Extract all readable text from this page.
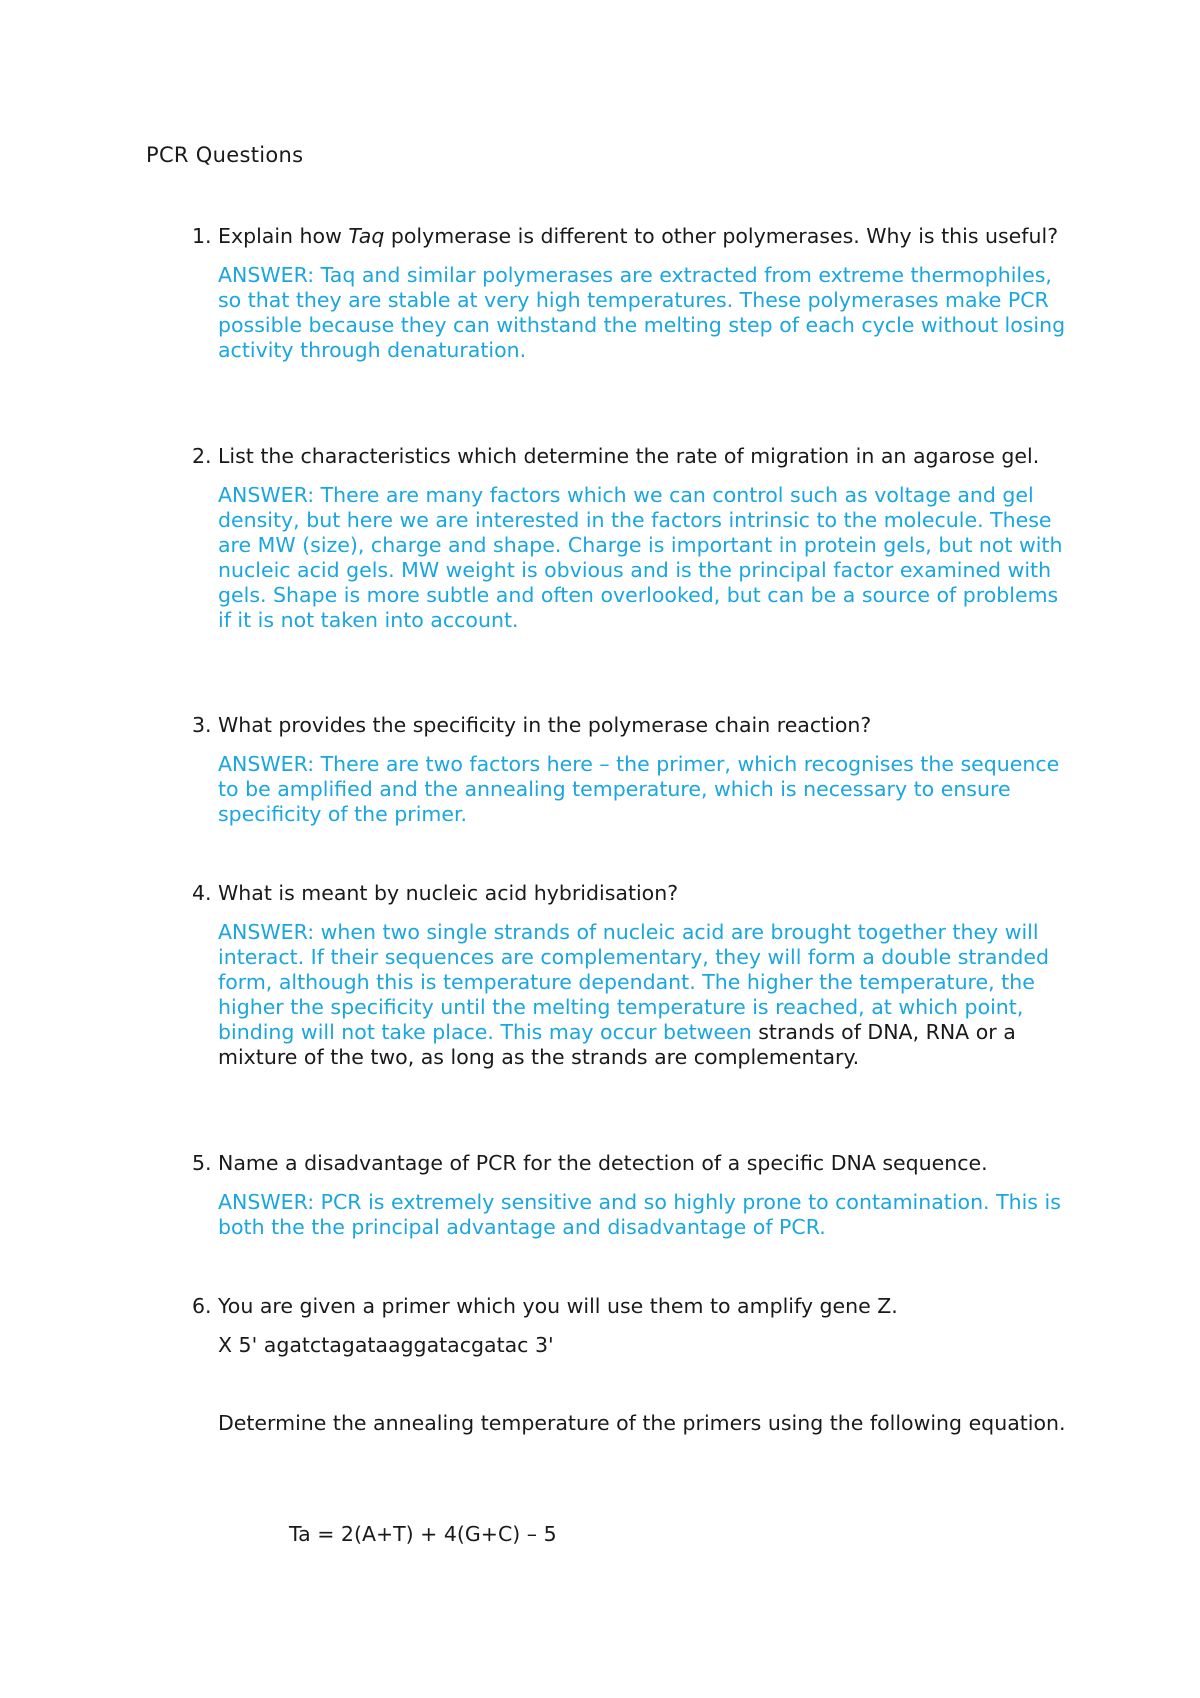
PCR Questions
1. Explain how Taq polymerase is different to other polymerases. Why is this useful?
ANSWER: Taq and similar polymerases are extracted from extreme thermophiles, so that they are stable at very high temperatures. These polymerases make PCR possible because they can withstand the melting step of each cycle without losing activity through denaturation.
2. List the characteristics which determine the rate of migration in an agarose gel.
ANSWER: There are many factors which we can control such as voltage and gel density, but here we are interested in the factors intrinsic to the molecule. These are MW (size), charge and shape. Charge is important in protein gels, but not with nucleic acid gels. MW weight is obvious and is the principal factor examined with gels. Shape is more subtle and often overlooked, but can be a source of problems if it is not taken into account.
3. What provides the specificity in the polymerase chain reaction?
ANSWER: There are two factors here – the primer, which recognises the sequence to be amplified and the annealing temperature, which is necessary to ensure specificity of the primer.
4. What is meant by nucleic acid hybridisation?
ANSWER: when two single strands of nucleic acid are brought together they will interact. If their sequences are complementary, they will form a double stranded form, although this is temperature dependant. The higher the temperature, the higher the specificity until the melting temperature is reached, at which point, binding will not take place. This may occur between strands of DNA, RNA or a mixture of the two, as long as the strands are complementary.
5. Name a disadvantage of PCR for the detection of a specific DNA sequence.
ANSWER: PCR is extremely sensitive and so highly prone to contamination. This is both the the principal advantage and disadvantage of PCR.
6. You are given a primer which you will use them to amplify gene Z.
X 5' agatctagataaggatacgatac 3'
Determine the annealing temperature of the primers using the following equation.
Ta = 2(A+T) + 4(G+C) – 5
